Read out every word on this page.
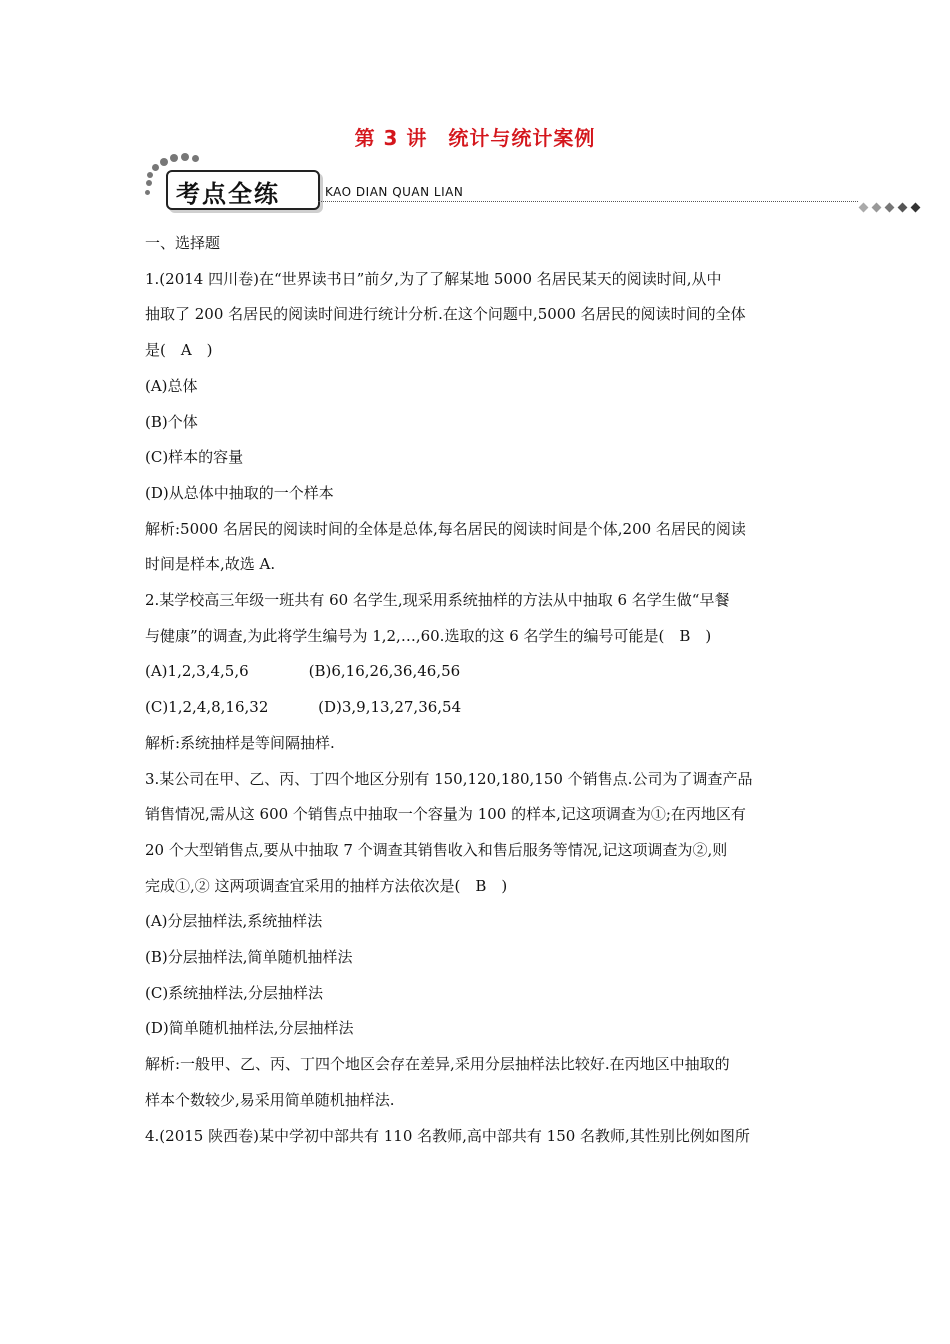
第 3 讲　统计与统计案例
考点全练	KAO DIAN QUAN LIAN

一、选择题

1.(2014 四川卷)在“世界读书日”前夕,为了了解某地 5000 名居民某天的阅读时间,从中

抽取了 200 名居民的阅读时间进行统计分析.在这个问题中,5000 名居民的阅读时间的全体

是(　A　)

(A)总体

(B)个体

(C)样本的容量

(D)从总体中抽取的一个样本

解析:5000 名居民的阅读时间的全体是总体,每名居民的阅读时间是个体,200 名居民的阅读

时间是样本,故选 A.

2.某学校高三年级一班共有 60 名学生,现采用系统抽样的方法从中抽取 6 名学生做“早餐

与健康”的调查,为此将学生编号为 1,2,…,60.选取的这 6 名学生的编号可能是(　B　)

(A)1,2,3,4,5,6　　　　(B)6,16,26,36,46,56

(C)1,2,4,8,16,32　　　 (D)3,9,13,27,36,54

解析:系统抽样是等间隔抽样.

3.某公司在甲、乙、丙、丁四个地区分别有 150,120,180,150 个销售点.公司为了调查产品

销售情况,需从这 600 个销售点中抽取一个容量为 100 的样本,记这项调查为①;在丙地区有

20 个大型销售点,要从中抽取 7 个调查其销售收入和售后服务等情况,记这项调查为②,则

完成①,② 这两项调查宜采用的抽样方法依次是(　B　)

(A)分层抽样法,系统抽样法

(B)分层抽样法,简单随机抽样法

(C)系统抽样法,分层抽样法

(D)简单随机抽样法,分层抽样法

解析:一般甲、乙、丙、丁四个地区会存在差异,采用分层抽样法比较好.在丙地区中抽取的

样本个数较少,易采用简单随机抽样法.

4.(2015 陕西卷)某中学初中部共有 110 名教师,高中部共有 150 名教师,其性别比例如图所
